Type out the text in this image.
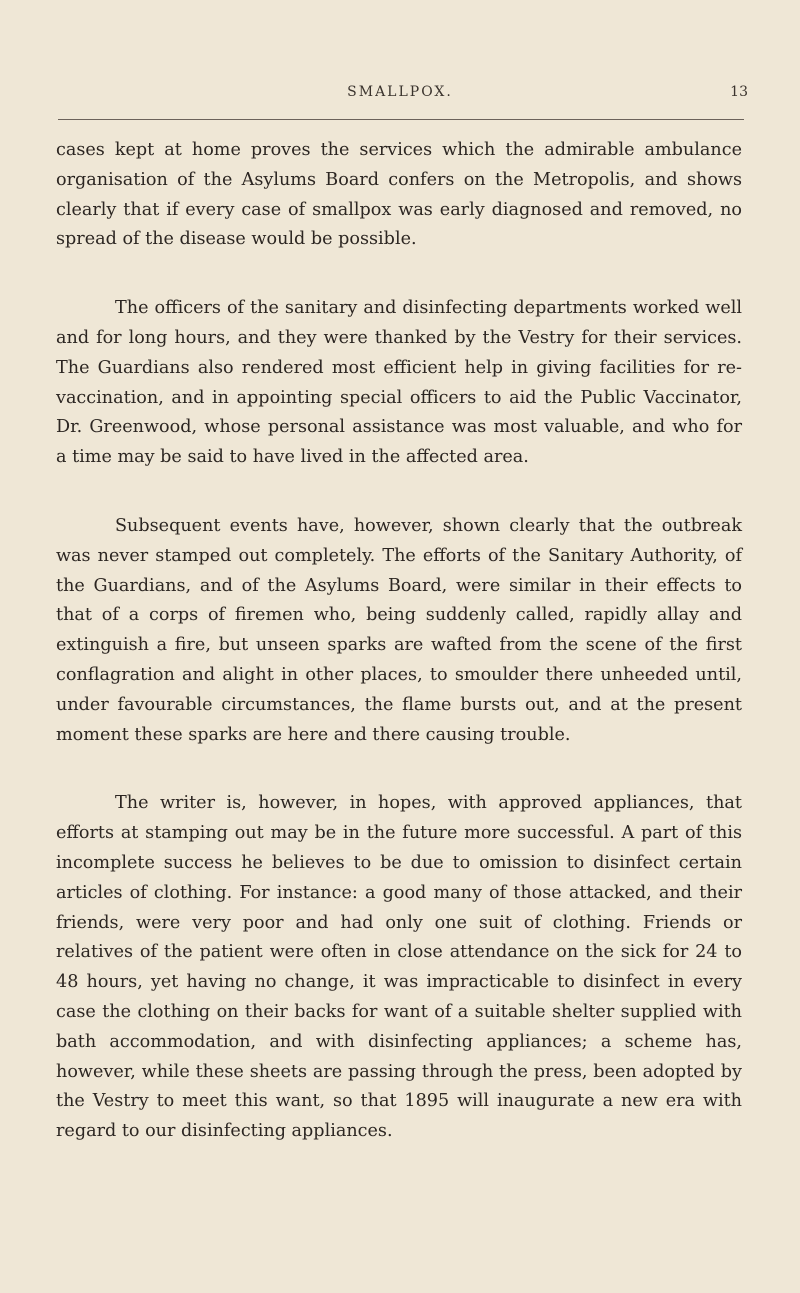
SMALLPOX.	13

cases kept at home proves the services which the admirable ambulance organisation of the Asylums Board confers on the Metropolis, and shows clearly that if every case of smallpox was early diagnosed and removed, no spread of the disease would be possible.

The officers of the sanitary and disinfecting departments worked well and for long hours, and they were thanked by the Vestry for their services. The Guardians also rendered most efficient help in giving facilities for re-vaccination, and in appointing special officers to aid the Public Vaccinator, Dr. Greenwood, whose personal assistance was most valuable, and who for a time may be said to have lived in the affected area.

Subsequent events have, however, shown clearly that the outbreak was never stamped out completely. The efforts of the Sanitary Authority, of the Guardians, and of the Asylums Board, were similar in their effects to that of a corps of firemen who, being suddenly called, rapidly allay and extinguish a fire, but unseen sparks are wafted from the scene of the first conflagration and alight in other places, to smoulder there unheeded until, under favourable circumstances, the flame bursts out, and at the present moment these sparks are here and there causing trouble.

The writer is, however, in hopes, with approved appliances, that efforts at stamping out may be in the future more successful. A part of this incomplete success he believes to be due to omission to disinfect certain articles of clothing. For instance: a good many of those attacked, and their friends, were very poor and had only one suit of clothing. Friends or relatives of the patient were often in close attendance on the sick for 24 to 48 hours, yet having no change, it was impracticable to disinfect in every case the clothing on their backs for want of a suitable shelter supplied with bath accommodation, and with disinfecting appliances; a scheme has, however, while these sheets are passing through the press, been adopted by the Vestry to meet this want, so that 1895 will inaugurate a new era with regard to our disinfecting appliances.
